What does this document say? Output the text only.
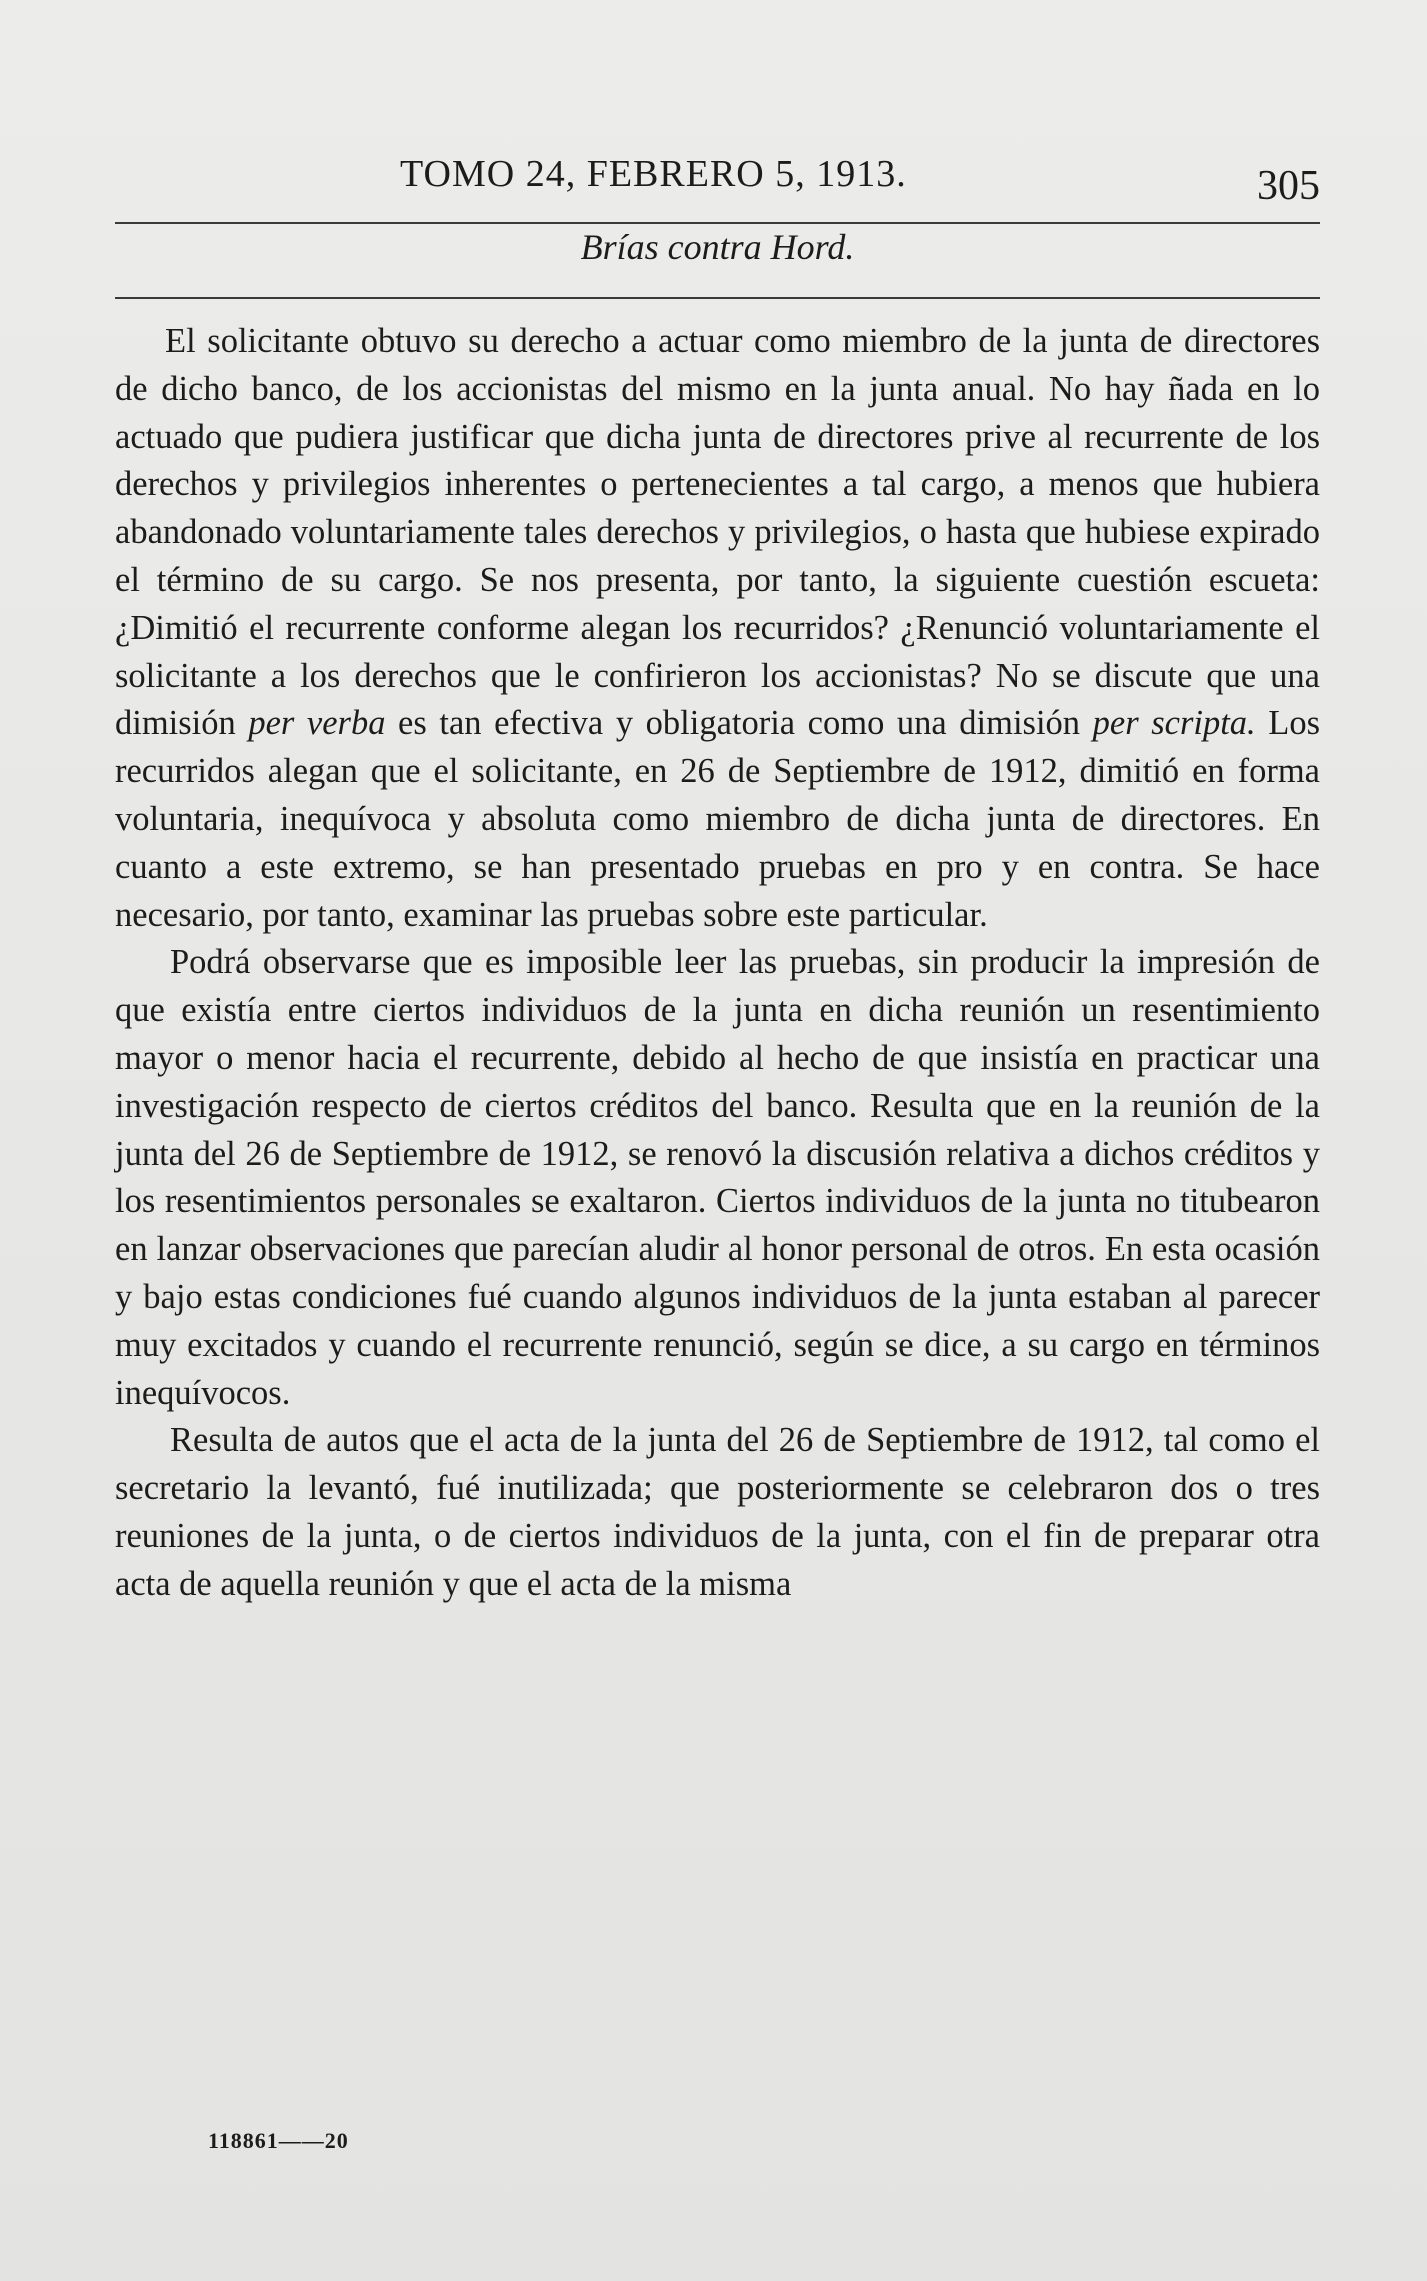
TOMO 24, FEBRERO 5, 1913.	305
Brías contra Hord.

El solicitante obtuvo su derecho a actuar como miembro de la junta de directores de dicho banco, de los accionistas del mismo en la junta anual. No hay ñada en lo actuado que pudiera justificar que dicha junta de directores prive al recurrente de los derechos y privilegios inherentes o pertenecientes a tal cargo, a menos que hubiera abandonado voluntariamente tales derechos y privilegios, o hasta que hubiese expirado el término de su cargo. Se nos presenta, por tanto, la siguiente cuestión escueta: ¿Dimitió el recurrente conforme alegan los recurridos? ¿Renunció voluntariamente el solicitante a los derechos que le confirieron los accionistas? No se discute que una dimisión per verba es tan efectiva y obligatoria como una dimisión per scripta. Los recurridos alegan que el solicitante, en 26 de Septiembre de 1912, dimitió en forma voluntaria, inequívoca y absoluta como miembro de dicha junta de directores. En cuanto a este extremo, se han presentado pruebas en pro y en contra. Se hace necesario, por tanto, examinar las pruebas sobre este particular.

Podrá observarse que es imposible leer las pruebas, sin producir la impresión de que existía entre ciertos individuos de la junta en dicha reunión un resentimiento mayor o menor hacia el recurrente, debido al hecho de que insistía en practicar una investigación respecto de ciertos créditos del banco. Resulta que en la reunión de la junta del 26 de Septiembre de 1912, se renovó la discusión relativa a dichos créditos y los resentimientos personales se exaltaron. Ciertos individuos de la junta no titubearon en lanzar observaciones que parecían aludir al honor personal de otros. En esta ocasión y bajo estas condiciones fué cuando algunos individuos de la junta estaban al parecer muy excitados y cuando el recurrente renunció, según se dice, a su cargo en términos inequívocos.

Resulta de autos que el acta de la junta del 26 de Septiembre de 1912, tal como el secretario la levantó, fué inutilizada; que posteriormente se celebraron dos o tres reuniones de la junta, o de ciertos individuos de la junta, con el fin de preparar otra acta de aquella reunión y que el acta de la misma

118861——20
